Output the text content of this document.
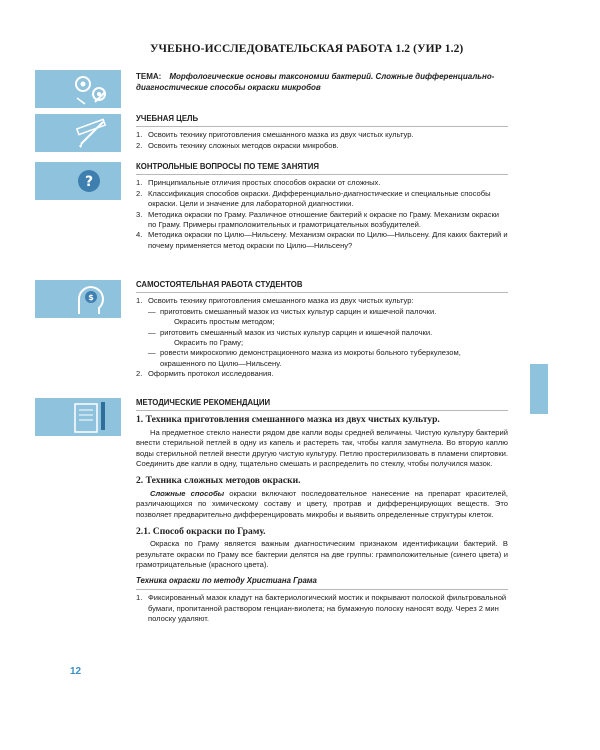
УЧЕБНО-ИССЛЕДОВАТЕЛЬСКАЯ РАБОТА 1.2 (УИР 1.2)
?
$
ТЕМА: Морфологические основы таксономии бактерий. Сложные дифференциально-диагностические способы окраски микробов
УЧЕБНАЯ ЦЕЛЬ
1. Освоить технику приготовления смешанного мазка из двух чистых культур.
2. Освоить технику сложных методов окраски микробов.
КОНТРОЛЬНЫЕ ВОПРОСЫ ПО ТЕМЕ ЗАНЯТИЯ
1. Принципиальные отличия простых способов окраски от сложных.
2. Классификация способов окраски. Дифференциально-диагностические и специальные способы окраски. Цели и значение для лабораторной диагностики.
3. Методика окраски по Граму. Различное отношение бактерий к окраске по Граму. Механизм окраски по Граму. Примеры грамположительных и грамотрицательных возбудителей.
4. Методика окраски по Цилю—Нильсену. Механизм окраски по Цилю—Нильсену. Для каких бактерий и почему применяется метод окраски по Цилю—Нильсену?
САМОСТОЯТЕЛЬНАЯ РАБОТА СТУДЕНТОВ
1. Освоить технику приготовления смешанного мазка из двух чистых культур:
— приготовить смешанный мазок из чистых культур сарцин и кишечной палочки.
Окрасить простым методом;
— риготовить смешанный мазок из чистых культур сарцин и кишечной палочки.
Окрасить по Граму;
— ровести микроскопию демонстрационного мазка из мокроты больного туберкулезом, окрашенного по Цилю—Нильсену.
2. Оформить протокол исследования.
МЕТОДИЧЕСКИЕ РЕКОМЕНДАЦИИ
1. Техника приготовления смешанного мазка из двух чистых культур.
На предметное стекло нанести рядом две капли воды средней величины. Чистую культуру бактерий внести стерильной петлей в одну из капель и растереть так, чтобы капля замутнела. Во вторую каплю воды стерильной петлей внести другую чистую культуру. Петлю простерилизовать в пламени спиртовки. Соединить две капли в одну, тщательно смешать и распределить по стеклу, чтобы получился мазок.
2. Техника сложных методов окраски.
Сложные способы окраски включают последовательное нанесение на препарат красителей, различающихся по химическому составу и цвету, протрав и дифференцирующих веществ. Это позволяет предварительно дифференцировать микробы и выявить определенные структуры клеток.
2.1. Способ окраски по Граму.
Окраска по Граму является важным диагностическим признаком идентификации бактерий. В результате окраски по Граму все бактерии делятся на две группы: грамположительные (синего цвета) и грамотрицательные (красного цвета).
Техника окраски по методу Христиана Грама
1. Фиксированный мазок кладут на бактериологический мостик и покрывают полоской фильтровальной бумаги, пропитанной раствором генциан-виолета; на бумажную полоску наносят воду. Через 2 мин полоску удаляют.
12
